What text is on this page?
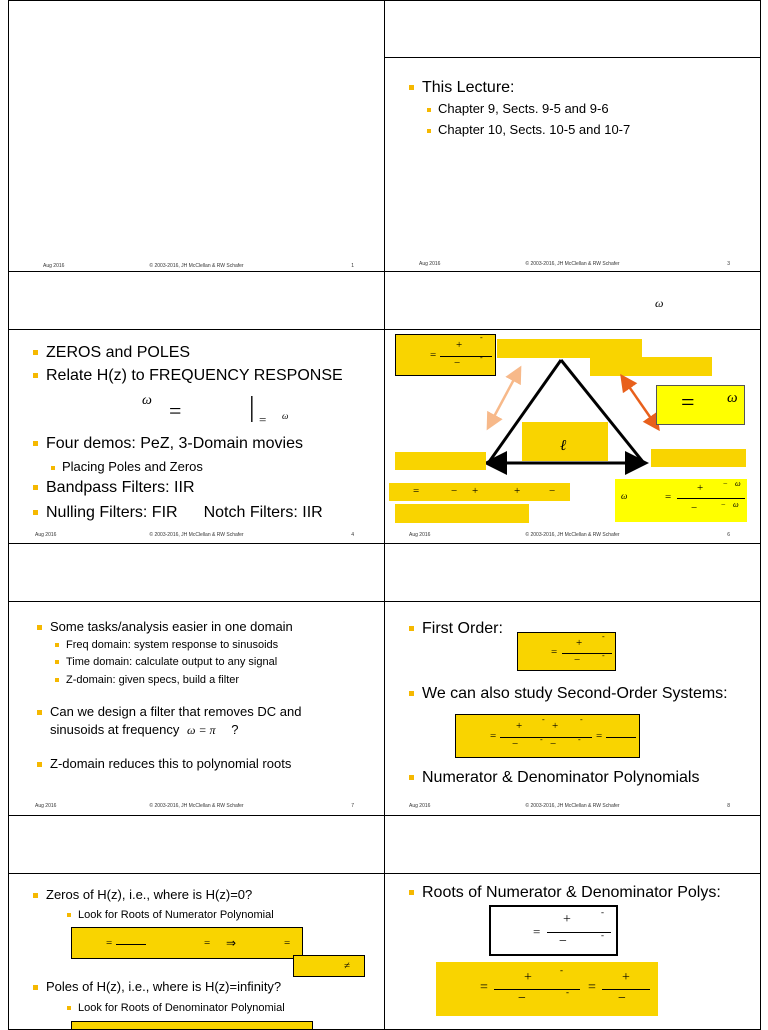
Aug 2016	© 2003-2016, JH McClellan & RW Schafer	1
This Lecture:
Chapter 9, Sects. 9-5 and 9-6
Chapter 10, Sects. 10-5 and 10-7
Aug 2016	© 2003-2016, JH McClellan & RW Schafer	3
ZEROS and POLES
Relate H(z) to FREQUENCY RESPONSE
ω = | = ω
Four demos: PeZ, 3-Domain movies
Placing Poles and Zeros
Bandpass Filters: IIR
Nulling Filters: FIR Notch Filters: IIR
Aug 2016	© 2003-2016, JH McClellan & RW Schafer	4
ω
=
+
-
− -
= ω
ℓ
=	− +	+	−	ω	=
+ − ω
−	− ω
Aug 2016	© 2003-2016, JH McClellan & RW Schafer	6
Some tasks/analysis easier in one domain
Freq domain: system response to sinusoids
Time domain: calculate output to any signal
Z-domain: given specs, build a filter
Can we design a filter that removes DC and
sinusoids at frequency ω = π ?
Z-domain reduces this to polynomial roots
Aug 2016	© 2003-2016, JH McClellan & RW Schafer	7
First Order:
=
+
-
−	-
We can also study Second-Order Systems:
=
+
-
+
-
−	- −	- =
Numerator & Denominator Polynomials
Aug 2016	© 2003-2016, JH McClellan & RW Schafer	8
Zeros of H(z), i.e., where is H(z)=0?
Look for Roots of Numerator Polynomial
=	= ⇒	=
≠
Poles of H(z), i.e., where is H(z)=infinity?
Look for Roots of Denominator Polynomial
Roots of Numerator & Denominator Polys:
=
+	-
−	-
=
+	-
−	- =
+
−
